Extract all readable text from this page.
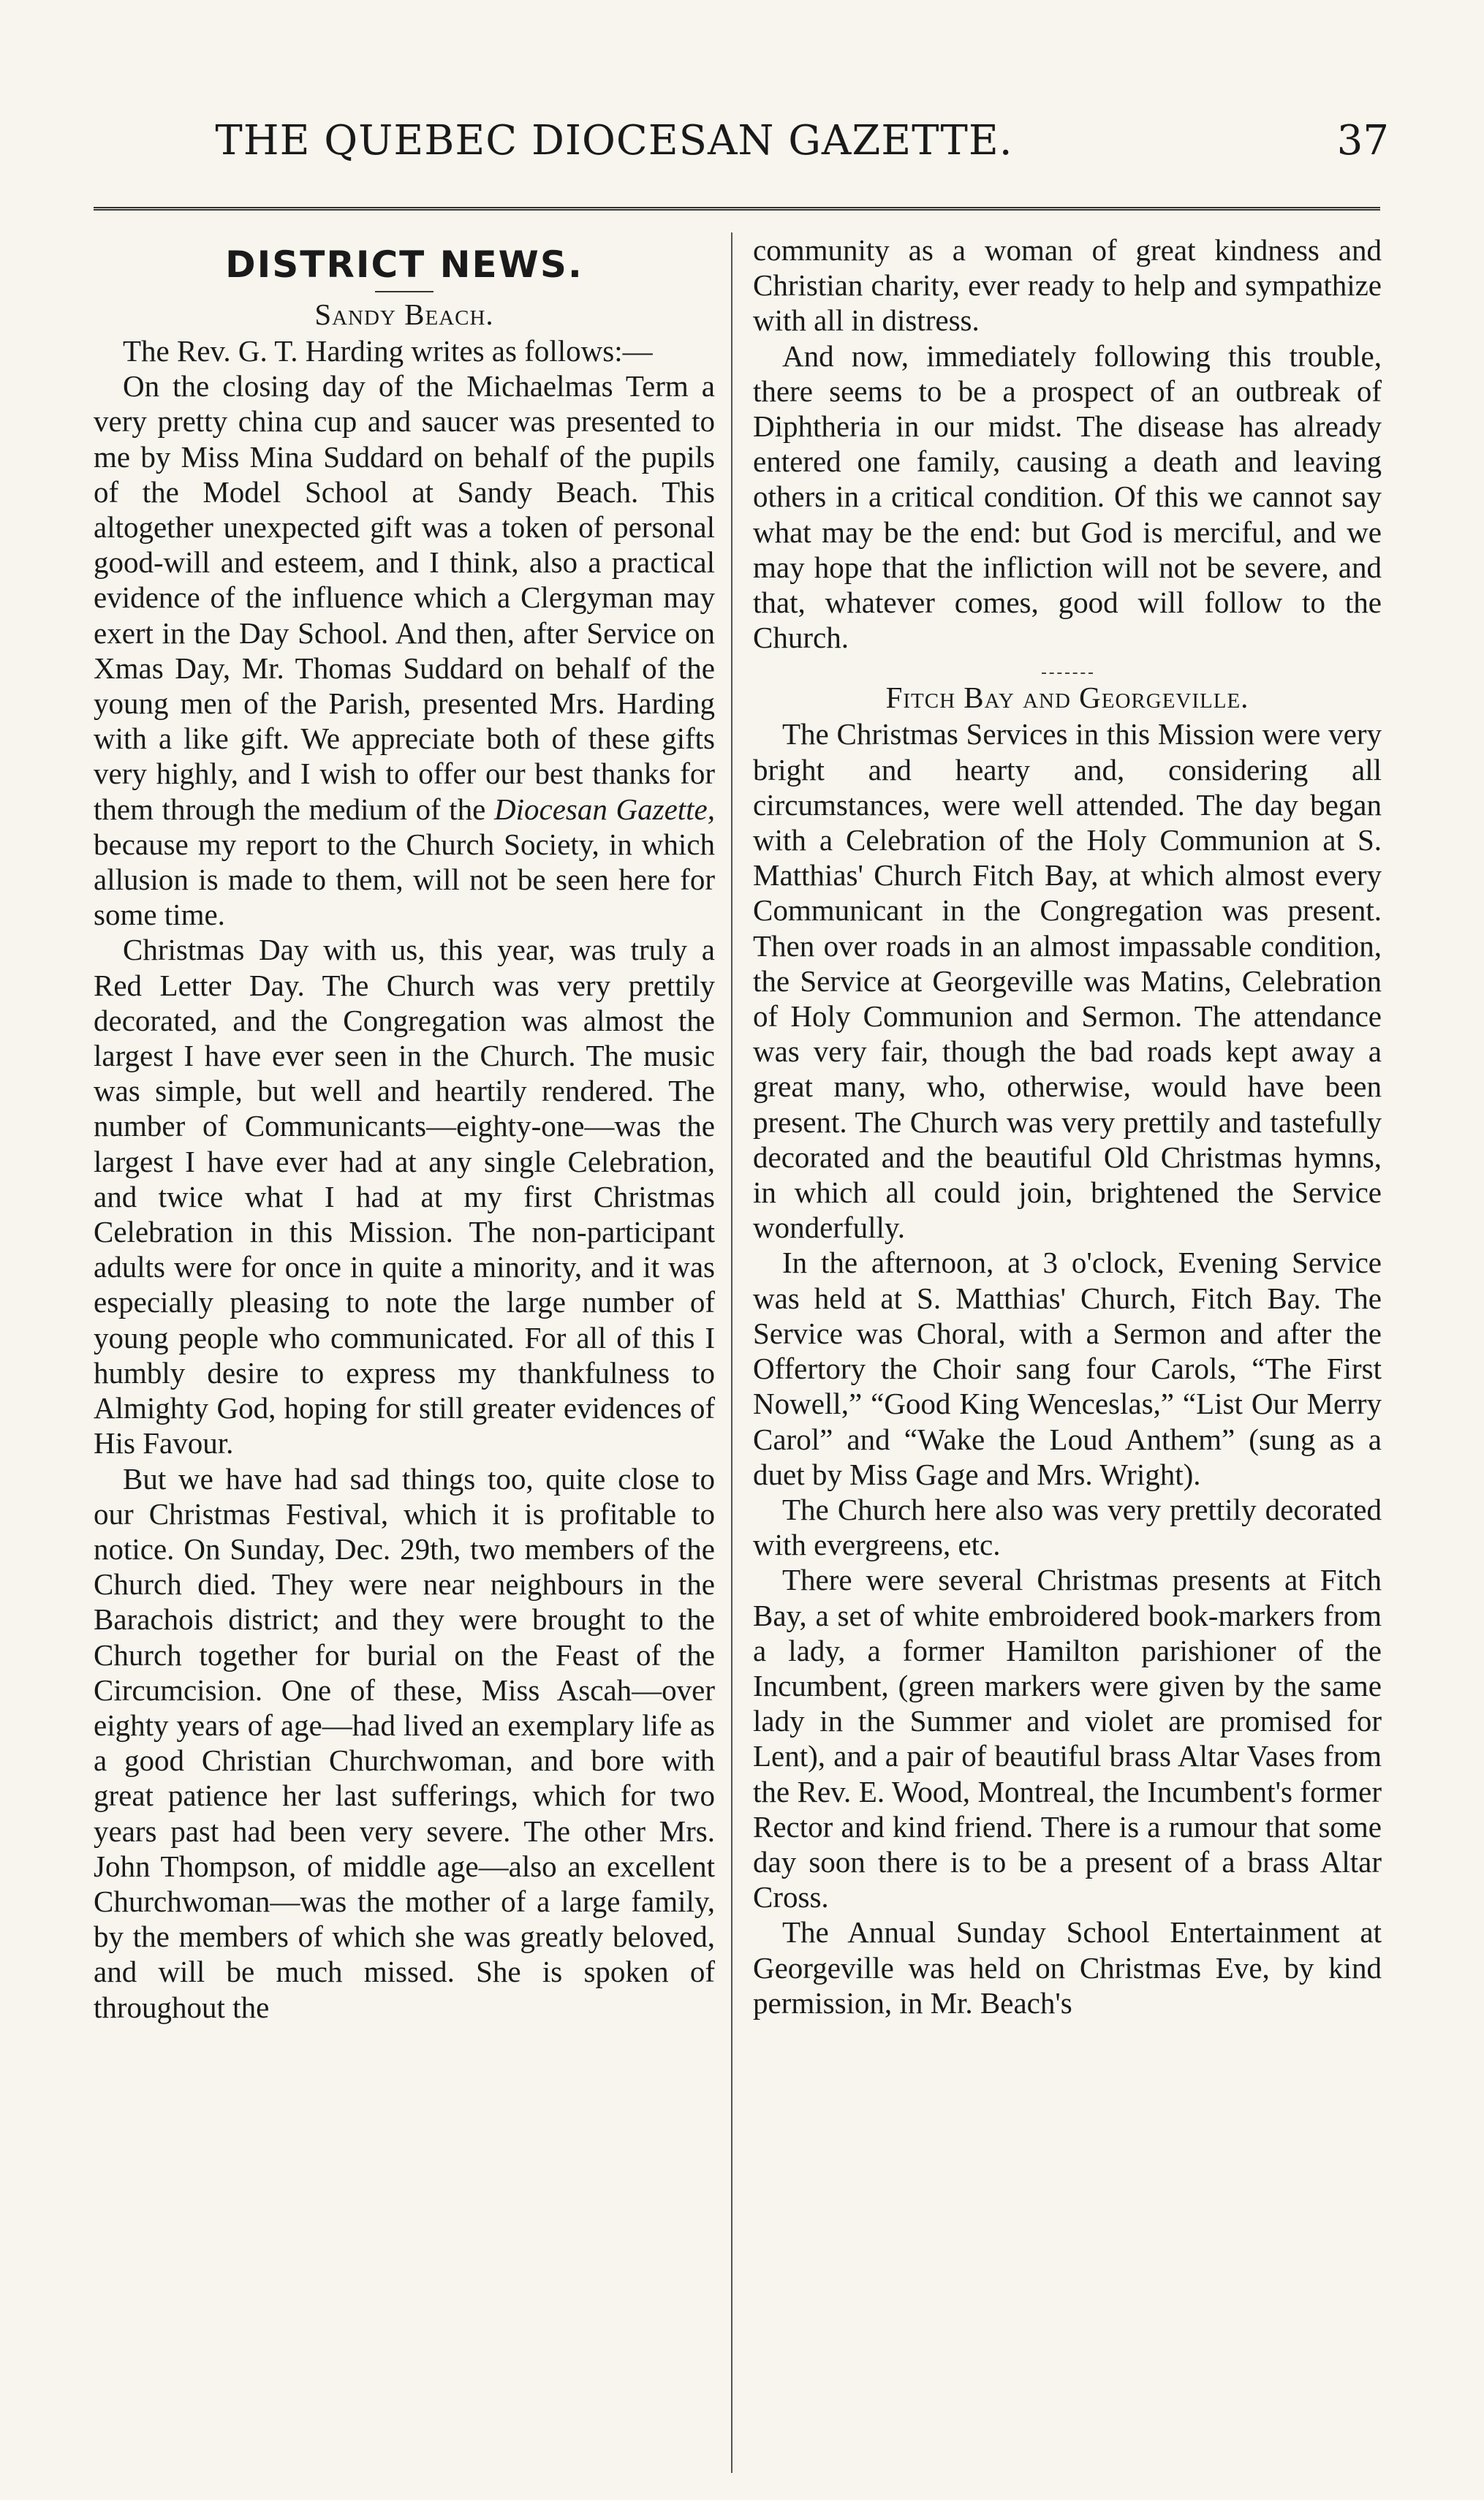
THE QUEBEC DIOCESAN GAZETTE.	37
DISTRICT NEWS.
Sandy Beach.

The Rev. G. T. Harding writes as follows:—

On the closing day of the Michaelmas Term a very pretty china cup and saucer was presented to me by Miss Mina Suddard on behalf of the pupils of the Model School at Sandy Beach. This altogether unexpected gift was a token of personal good-will and esteem, and I think, also a practical evidence of the influence which a Clergyman may exert in the Day School. And then, after Service on Xmas Day, Mr. Thomas Suddard on behalf of the young men of the Parish, presented Mrs. Harding with a like gift. We appreciate both of these gifts very highly, and I wish to offer our best thanks for them through the medium of the Diocesan Gazette, because my report to the Church Society, in which allusion is made to them, will not be seen here for some time.

Christmas Day with us, this year, was truly a Red Letter Day. The Church was very prettily decorated, and the Congregation was almost the largest I have ever seen in the Church. The music was simple, but well and heartily rendered. The number of Communicants—eighty-one—was the largest I have ever had at any single Celebration, and twice what I had at my first Christmas Celebration in this Mission. The non-participant adults were for once in quite a minority, and it was especially pleasing to note the large number of young people who communicated. For all of this I humbly desire to express my thankfulness to Almighty God, hoping for still greater evidences of His Favour.

But we have had sad things too, quite close to our Christmas Festival, which it is profitable to notice. On Sunday, Dec. 29th, two members of the Church died. They were near neighbours in the Barachois district; and they were brought to the Church together for burial on the Feast of the Circumcision. One of these, Miss Ascah—over eighty years of age—had lived an exemplary life as a good Christian Churchwoman, and bore with great patience her last sufferings, which for two years past had been very severe. The other Mrs. John Thompson, of middle age—also an excellent Churchwoman—was the mother of a large family, by the members of which she was greatly beloved, and will be much missed. She is spoken of throughout the

community as a woman of great kindness and Christian charity, ever ready to help and sympathize with all in distress.

And now, immediately following this trouble, there seems to be a prospect of an outbreak of Diphtheria in our midst. The disease has already entered one family, causing a death and leaving others in a critical condition. Of this we cannot say what may be the end: but God is merciful, and we may hope that the infliction will not be severe, and that, whatever comes, good will follow to the Church.

Fitch Bay and Georgeville.

The Christmas Services in this Mission were very bright and hearty and, considering all circumstances, were well attended. The day began with a Celebration of the Holy Communion at S. Matthias' Church Fitch Bay, at which almost every Communicant in the Congregation was present. Then over roads in an almost impassable condition, the Service at Georgeville was Matins, Celebration of Holy Communion and Sermon. The attendance was very fair, though the bad roads kept away a great many, who, otherwise, would have been present. The Church was very prettily and tastefully decorated and the beautiful Old Christmas hymns, in which all could join, brightened the Service wonderfully.

In the afternoon, at 3 o'clock, Evening Service was held at S. Matthias' Church, Fitch Bay. The Service was Choral, with a Sermon and after the Offertory the Choir sang four Carols, “The First Nowell,” “Good King Wenceslas,” “List Our Merry Carol” and “Wake the Loud Anthem” (sung as a duet by Miss Gage and Mrs. Wright).

The Church here also was very prettily decorated with evergreens, etc.

There were several Christmas presents at Fitch Bay, a set of white embroidered book-markers from a lady, a former Hamilton parishioner of the Incumbent, (green markers were given by the same lady in the Summer and violet are promised for Lent), and a pair of beautiful brass Altar Vases from the Rev. E. Wood, Montreal, the Incumbent's former Rector and kind friend. There is a rumour that some day soon there is to be a present of a brass Altar Cross.

The Annual Sunday School Entertainment at Georgeville was held on Christmas Eve, by kind permission, in Mr. Beach's
